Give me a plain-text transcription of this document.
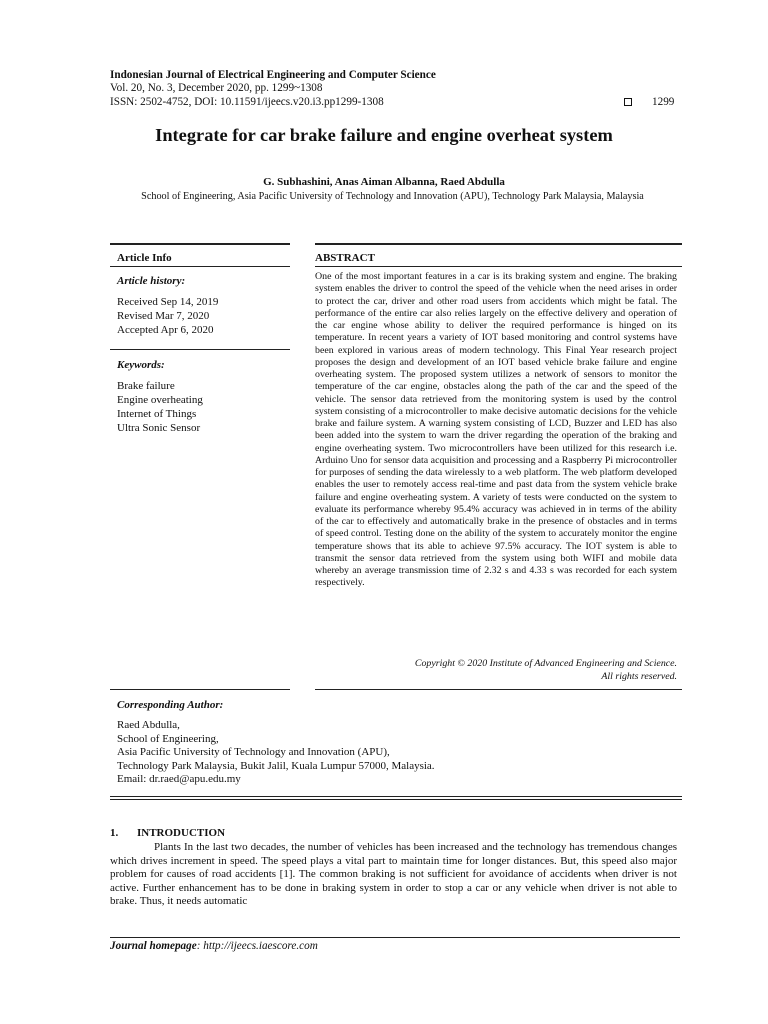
Indonesian Journal of Electrical Engineering and Computer Science
Vol. 20, No. 3, December 2020, pp. 1299~1308
ISSN: 2502-4752, DOI: 10.11591/ijeecs.v20.i3.pp1299-1308	1299
Integrate for car brake failure and engine overheat system
G. Subhashini, Anas Aiman Albanna, Raed Abdulla
School of Engineering, Asia Pacific University of Technology and Innovation (APU), Technology Park Malaysia, Malaysia
Article Info
Article history:
Received Sep 14, 2019
Revised Mar 7, 2020
Accepted Apr 6, 2020
Keywords:
Brake failure
Engine overheating
Internet of Things
Ultra Sonic Sensor
ABSTRACT
One of the most important features in a car is its braking system and engine. The braking system enables the driver to control the speed of the vehicle when the need arises in order to protect the car, driver and other road users from accidents which might be fatal. The performance of the entire car also relies largely on the effective delivery and operation of the car engine whose ability to deliver the required performance is hinged on its temperature. In recent years a variety of IOT based monitoring and control systems have been explored in various areas of modern technology. This Final Year research project proposes the design and development of an IOT based vehicle brake failure and engine overheating system. The proposed system utilizes a network of sensors to monitor the temperature of the car engine, obstacles along the path of the car and the speed of the vehicle. The sensor data retrieved from the monitoring system is used by the control system consisting of a microcontroller to make decisive automatic decisions for the vehicle brake and failure system. A warning system consisting of LCD, Buzzer and LED has also been added into the system to warn the driver regarding the operation of the braking and engine overheating system. Two microcontrollers have been utilized for this research i.e. Arduino Uno for sensor data acquisition and processing and a Raspberry Pi microcontroller for purposes of sending the data wirelessly to a web platform. The web platform developed enables the user to remotely access real-time and past data from the system vehicle brake failure and engine overheating system. A variety of tests were conducted on the system to evaluate its performance whereby 95.4% accuracy was achieved in in terms of the ability of the car to effectively and automatically brake in the presence of obstacles and in terms of speed control. Testing done on the ability of the system to accurately monitor the engine temperature shows that its able to achieve 97.5% accuracy. The IOT system is able to transmit the sensor data retrieved from the system using both WIFI and mobile data whereby an average transmission time of 2.32 s and 4.33 s was recorded for each system respectively.
Copyright © 2020 Institute of Advanced Engineering and Science.
All rights reserved.
Corresponding Author:
Raed Abdulla,
School of Engineering,
Asia Pacific University of Technology and Innovation (APU),
Technology Park Malaysia, Bukit Jalil, Kuala Lumpur 57000, Malaysia.
Email: dr.raed@apu.edu.my
1. INTRODUCTION
Plants In the last two decades, the number of vehicles has been increased and the technology has tremendous changes which drives increment in speed. The speed plays a vital part to maintain time for longer distances. But, this speed also major problem for causes of road accidents [1]. The common braking is not sufficient for avoidance of accidents when driver is not active. Further enhancement has to be done in braking system in order to stop a car or any vehicle when driver is not able to brake. Thus, it needs automatic
Journal homepage: http://ijeecs.iaescore.com
